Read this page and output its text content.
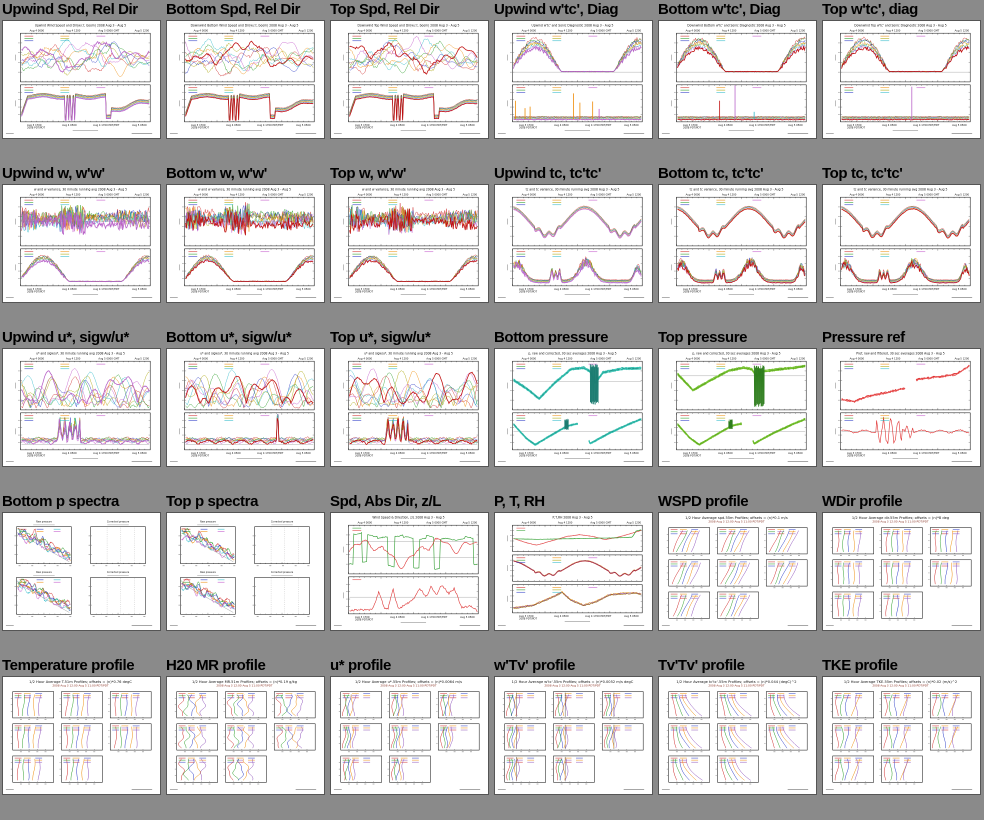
Upwind Spd, Rel Dir
Upwind Wind Speed and Dir(w.r.t. boom) 2008 Aug 3 - Aug 5
Aug 4 0000	Aug 4 1200	Aug 5 0000 GMT	Aug 5 1200
Aug 3 1700
2008 PDT/PDT
Aug 4 0500	Aug 4 1700 PDT/PDT	Aug 5 0500
Bottom Spd, Rel Dir
Downwind Bottom Wind Speed and Dir(w.r.t. boom) 2008 Aug 3 - Aug 5
Aug 4 0000	Aug 4 1200	Aug 5 0000 GMT	Aug 5 1200
Aug 3 1700
2008 PDT/PDT
Aug 4 0500	Aug 4 1700 PDT/PDT	Aug 5 0500
Top Spd, Rel Dir
Downwind Top Wind Speed and Dir(w.r.t. boom) 2008 Aug 3 - Aug 5
Aug 4 0000	Aug 4 1200	Aug 5 0000 GMT	Aug 5 1200
Aug 3 1700
2008 PDT/PDT
Aug 4 0500	Aug 4 1700 PDT/PDT	Aug 5 0500
Upwind w'tc', Diag
Upwind w'tc' and Sonic Diagnostic 2008 Aug 3 - Aug 5
Aug 4 0000	Aug 4 1200	Aug 5 0000 GMT	Aug 5 1200
Aug 3 1700
2008 PDT/PDT
Aug 4 0500	Aug 4 1700 PDT/PDT	Aug 5 0500
Bottom w'tc', Diag
Downwind Bottom w'tc' and Sonic Diagnostic 2008 Aug 3 - Aug 5
Aug 4 0000	Aug 4 1200	Aug 5 0000 GMT	Aug 5 1200
Aug 3 1700
2008 PDT/PDT
Aug 4 0500	Aug 4 1700 PDT/PDT	Aug 5 0500
Top w'tc', diag
Downwind Top w'tc' and Sonic Diagnostic 2008 Aug 3 - Aug 5
Aug 4 0000	Aug 4 1200	Aug 5 0000 GMT	Aug 5 1200
Aug 3 1700
2008 PDT/PDT
Aug 4 0500	Aug 4 1700 PDT/PDT	Aug 5 0500
Upwind w, w'w'
w and w variance, 30 minute running avg 2008 Aug 3 - Aug 5
Aug 4 0000	Aug 4 1200	Aug 5 0000 GMT	Aug 5 1200
Aug 3 1700
2008 PDT/PDT
Aug 4 0500	Aug 4 1700 PDT/PDT	Aug 5 0500
Bottom w, w'w'
w and w variance, 30 minute running avg 2008 Aug 3 - Aug 5
Aug 4 0000	Aug 4 1200	Aug 5 0000 GMT	Aug 5 1200
Aug 3 1700
2008 PDT/PDT
Aug 4 0500	Aug 4 1700 PDT/PDT	Aug 5 0500
Top w, w'w'
w and w variance, 30 minute running avg 2008 Aug 3 - Aug 5
Aug 4 0000	Aug 4 1200	Aug 5 0000 GMT	Aug 5 1200
Aug 3 1700
2008 PDT/PDT
Aug 4 0500	Aug 4 1700 PDT/PDT	Aug 5 0500
Upwind tc, tc'tc'
tc and tc variance, 30 minute running avg 2008 Aug 3 - Aug 5
Aug 4 0000	Aug 4 1200	Aug 5 0000 GMT	Aug 5 1200
Aug 3 1700
2008 PDT/PDT
Aug 4 0500	Aug 4 1700 PDT/PDT	Aug 5 0500
Bottom tc, tc'tc'
tc and tc variance, 30 minute running avg 2008 Aug 3 - Aug 5
Aug 4 0000	Aug 4 1200	Aug 5 0000 GMT	Aug 5 1200
Aug 3 1700
2008 PDT/PDT
Aug 4 0500	Aug 4 1700 PDT/PDT	Aug 5 0500
Top tc, tc'tc'
tc and tc variance, 30 minute running avg 2008 Aug 3 - Aug 5
Aug 4 0000	Aug 4 1200	Aug 5 0000 GMT	Aug 5 1200
Aug 3 1700
2008 PDT/PDT
Aug 4 0500	Aug 4 1700 PDT/PDT	Aug 5 0500
Upwind u*, sigw/u*
u* and sigw/u*, 30 minute running avg 2008 Aug 3 - Aug 5
Aug 4 0000	Aug 4 1200	Aug 5 0000 GMT	Aug 5 1200
Aug 3 1700
2008 PDT/PDT
Aug 4 0500	Aug 4 1700 PDT/PDT	Aug 5 0500
Bottom u*, sigw/u*
u* and sigw/u*, 30 minute running avg 2008 Aug 3 - Aug 5
Aug 4 0000	Aug 4 1200	Aug 5 0000 GMT	Aug 5 1200
Aug 3 1700
2008 PDT/PDT
Aug 4 0500	Aug 4 1700 PDT/PDT	Aug 5 0500
Top u*, sigw/u*
u* and sigw/u*, 30 minute running avg 2008 Aug 3 - Aug 5
Aug 4 0000	Aug 4 1200	Aug 5 0000 GMT	Aug 5 1200
Aug 3 1700
2008 PDT/PDT
Aug 4 0500	Aug 4 1700 PDT/PDT	Aug 5 0500
Bottom pressure
p, raw and corrected, 30 sec averages 2008 Aug 3 - Aug 5
Aug 4 0000	Aug 4 1200	Aug 5 0000 GMT	Aug 5 1200
Aug 3 1700
2008 PDT/PDT
Aug 4 0500	Aug 4 1700 PDT/PDT	Aug 5 0500
Top pressure
p, raw and corrected, 30 sec averages 2008 Aug 3 - Aug 5
Aug 4 0000	Aug 4 1200	Aug 5 0000 GMT	Aug 5 1200
Aug 3 1700
2008 PDT/PDT
Aug 4 0500	Aug 4 1700 PDT/PDT	Aug 5 0500
Pressure ref
Pref, raw and filtered, 30 sec averages 2008 Aug 3 - Aug 5
Aug 4 0000	Aug 4 1200	Aug 5 0000 GMT	Aug 5 1200
Aug 3 1700
2008 PDT/PDT
Aug 4 0500	Aug 4 1700 PDT/PDT	Aug 5 0500
Bottom p spectra
Raw pressure	Corrected pressure
Raw pressure	Corrected pressure
Top p spectra
Raw pressure	Corrected pressure
Raw pressure	Corrected pressure
Spd, Abs Dir, z/L
Wind Speed & Direction, z/L 2008 Aug 3 - Aug 5
Aug 4 0000	Aug 4 1200	Aug 5 0000 GMT	Aug 5 1200
Aug 3 1700
2008 PDT/PDT
Aug 4 0500	Aug 4 1700 PDT/PDT	Aug 5 0500
P, T, RH
P,T,RH 2008 Aug 3 - Aug 5
Aug 4 0000	Aug 4 1200	Aug 5 0000 GMT	Aug 5 1200
Aug 3 1700
2008 PDT/PDT
Aug 4 0500	Aug 4 1700 PDT/PDT	Aug 5 0500
WSPD profile
1/2 Hour Average spd.55m Profiles; offsets = (n)*0.1 m/s
2008 Aug 3 12:00 Aug 5 11:00 PDT/PDT
WDir profile
1/2 Hour Average dir.55m Profiles; offsets = (n)*8 deg
2008 Aug 3 12:00 Aug 5 11:00 PDT/PDT
Temperature profile
1/2 Hour Average T.51m Profiles; offsets = (n)*0.76 degC
2008 Aug 3 12:00 Aug 5 11:00 PDT/PDT
H20 MR profile
1/2 Hour Average MR.51m Profiles; offsets = (n)*0.19 g/kg
2008 Aug 3 12:00 Aug 5 11:00 PDT/PDT
u* profile
1/2 Hour Average u*.55m Profiles; offsets = (n)*0.0064 m/s
2008 Aug 3 12:00 Aug 5 11:00 PDT/PDT
w'Tv' profile
1/2 Hour Average w'tc'.55m Profiles; offsets = (n)*0.0052 m/s degC
2008 Aug 3 12:00 Aug 5 11:00 PDT/PDT
Tv'Tv' profile
1/2 Hour Average tc'tc'.55m Profiles; offsets = (n)*0.044 (degC)^2
2008 Aug 3 12:00 Aug 5 11:00 PDT/PDT
TKE profile
1/2 Hour Average TKE.55m Profiles; offsets = (n)*0.02 (m/s)^2
2008 Aug 3 12:00 Aug 5 11:00 PDT/PDT
